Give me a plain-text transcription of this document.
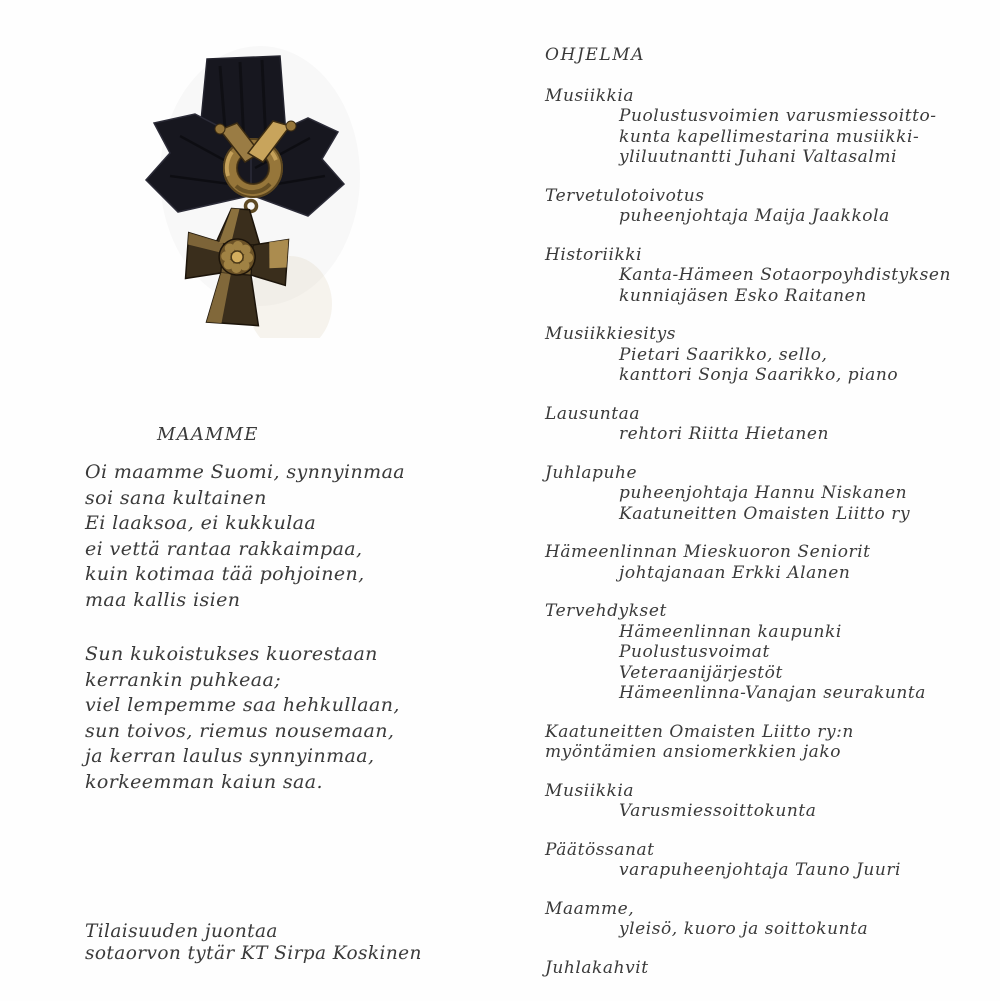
MAAMME
Oi maamme Suomi, synnyinmaa
soi sana kultainen
Ei laaksoa, ei kukkulaa
ei vettä rantaa rakkaimpaa,
kuin kotimaa tää pohjoinen,
maa kallis isien
Sun kukoistukses kuorestaan
kerrankin puhkeaa;
viel lempemme saa hehkullaan,
sun toivos, riemus nousemaan,
ja kerran laulus synnyinmaa,
korkeemman kaiun saa.
Tilaisuuden juontaa
sotaorvon tytär KT Sirpa Koskinen
OHJELMA
Musiikkia
Puolustusvoimien varusmiessoitto-
kunta kapellimestarina musiikki-
yliluutnantti Juhani Valtasalmi
Tervetulotoivotus
puheenjohtaja Maija Jaakkola
Historiikki
Kanta-Hämeen Sotaorpoyhdistyksen
kunniajäsen Esko Raitanen
Musiikkiesitys
Pietari Saarikko, sello,
kanttori Sonja Saarikko, piano
Lausuntaa
rehtori Riitta Hietanen
Juhlapuhe
puheenjohtaja Hannu Niskanen
Kaatuneitten Omaisten Liitto ry
Hämeenlinnan Mieskuoron Seniorit
johtajanaan Erkki Alanen
Tervehdykset
Hämeenlinnan kaupunki
Puolustusvoimat
Veteraanijärjestöt
Hämeenlinna-Vanajan seurakunta
Kaatuneitten Omaisten Liitto ry:n
myöntämien ansiomerkkien jako
Musiikkia
Varusmiessoittokunta
Päätössanat
varapuheenjohtaja Tauno Juuri
Maamme,
yleisö, kuoro ja soittokunta
Juhlakahvit
